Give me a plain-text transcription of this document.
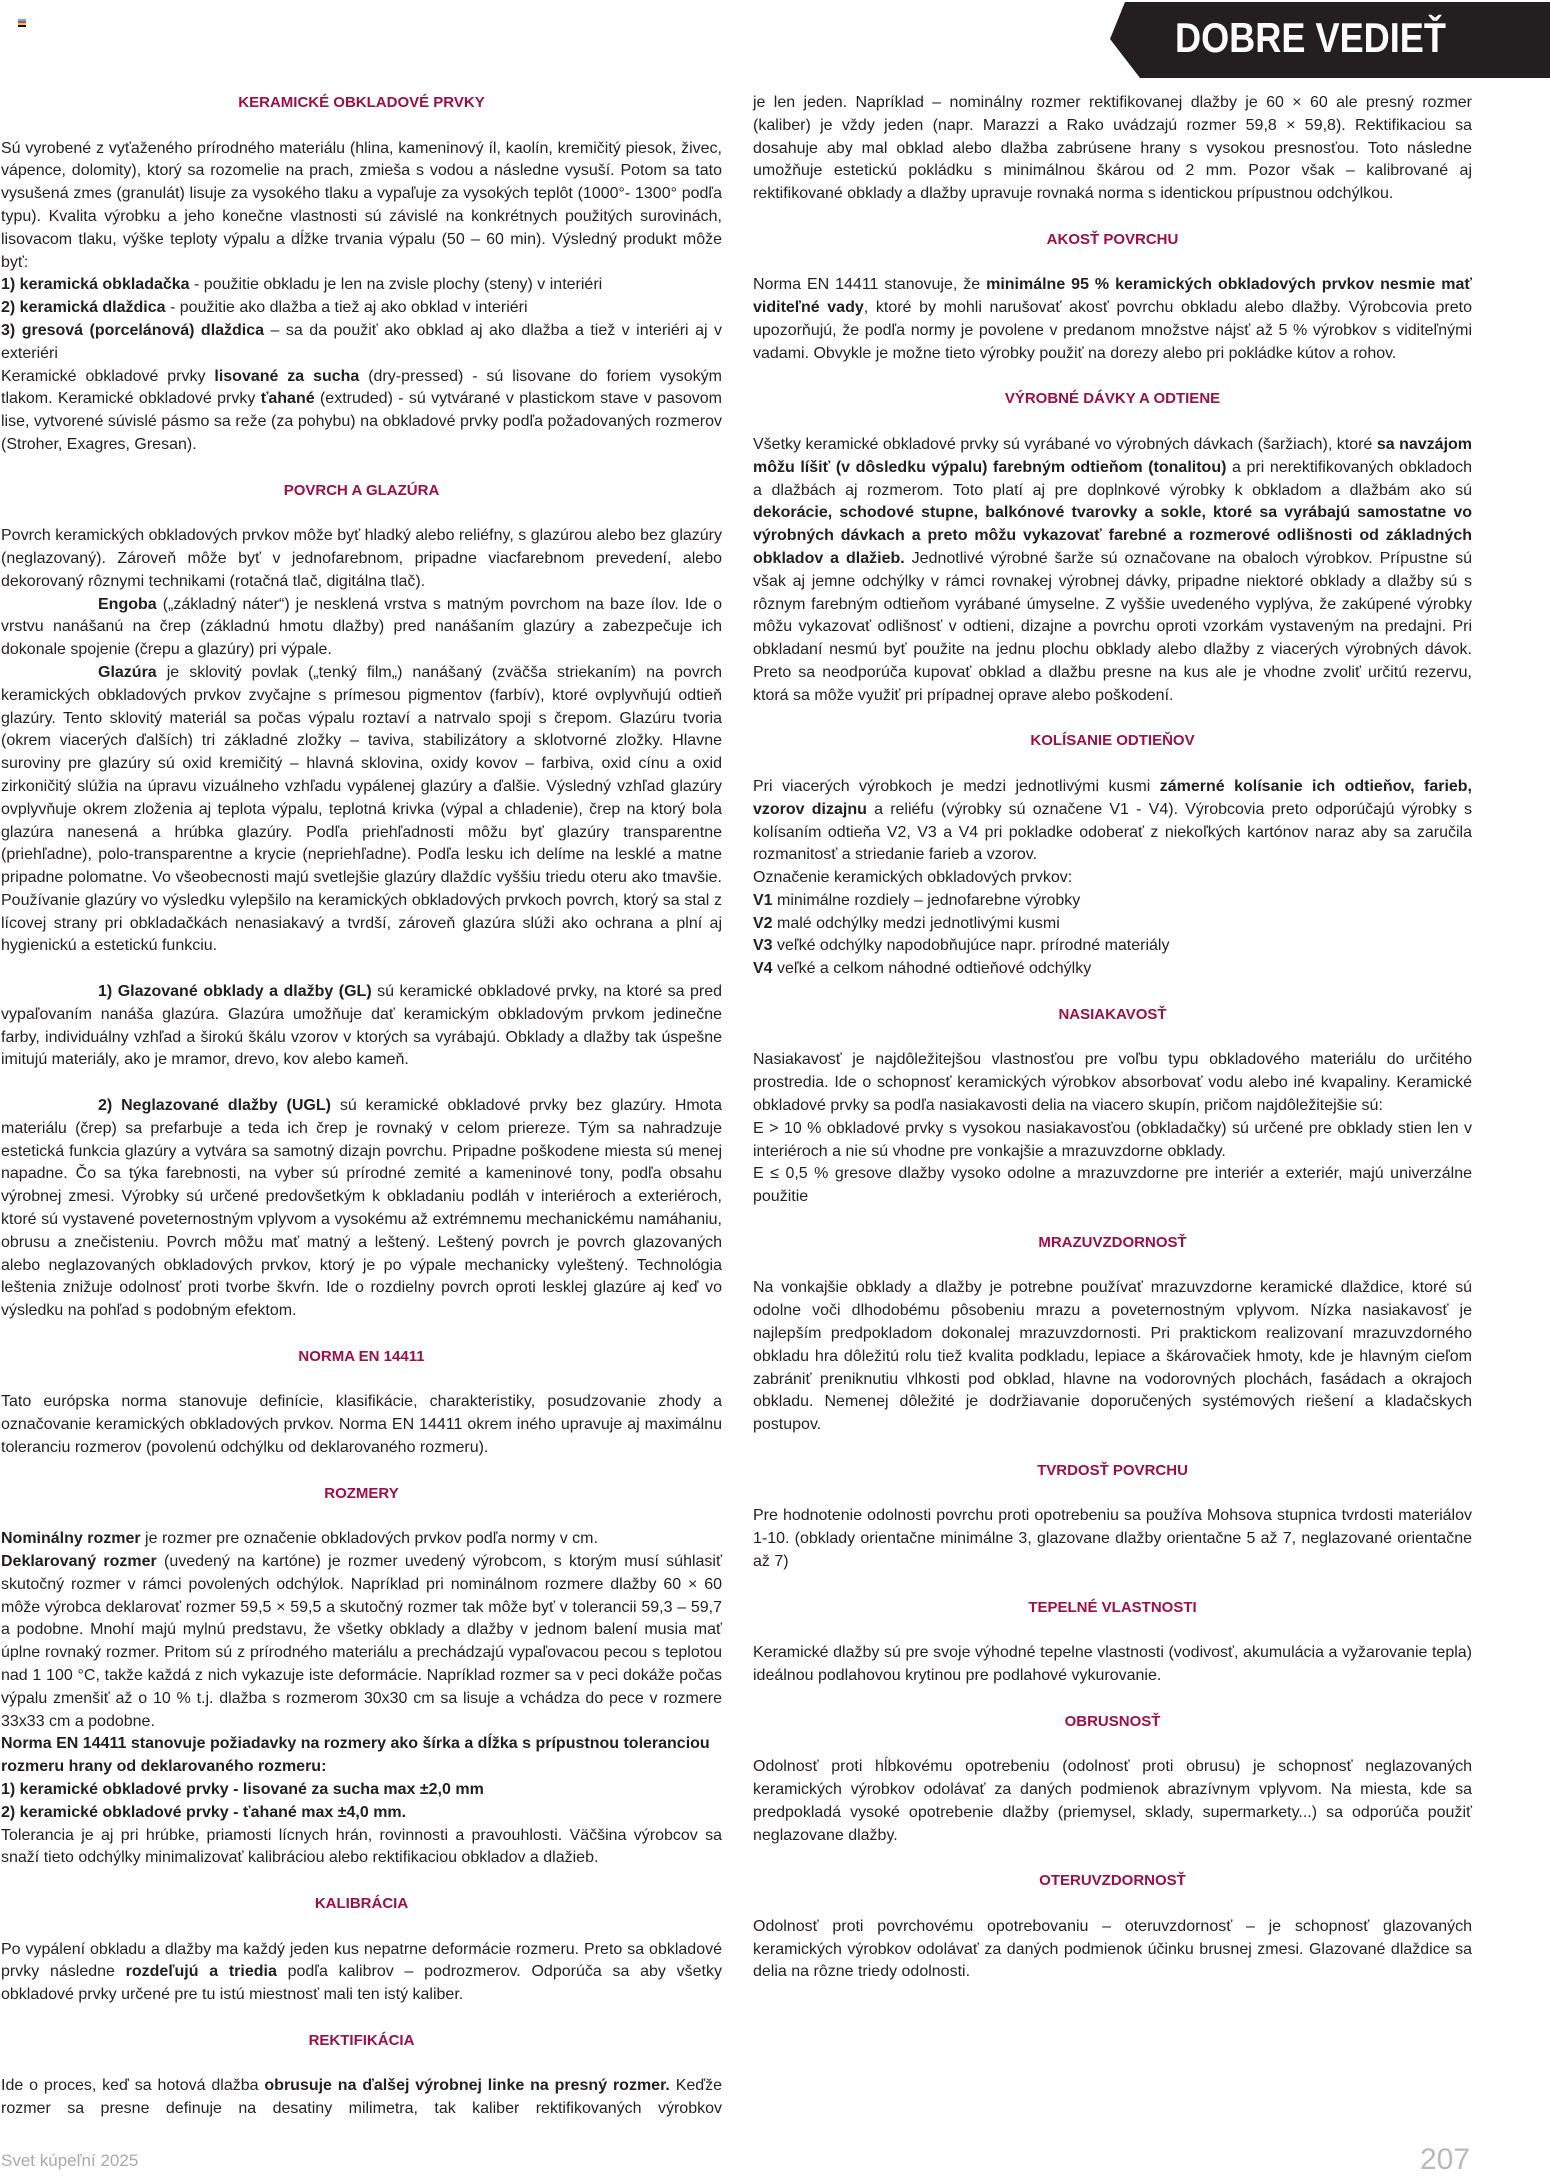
DOBRE VEDIEŤ
KERAMICKÉ OBKLADOVÉ PRVKY
Sú vyrobené z vyťaženého prírodného materiálu (hlina, kameninový íl, kaolín, kremičitý piesok, živec, vápence, dolomity), ktorý sa rozomelie na prach, zmieša s vodou a následne vysuší. Potom sa tato vysušená zmes (granulát) lisuje za vysokého tlaku a vypaľuje za vysokých teplôt (1000°- 1300° podľa typu). Kvalita výrobku a jeho konečne vlastnosti sú závislé na konkrétnych použitých surovinách, lisovacom tlaku, výške teploty výpalu a dĺžke trvania výpalu (50 – 60 min). Výsledný produkt môže byť:
1) keramická obkladačka - použitie obkladu je len na zvisle plochy (steny) v interiéri
2) keramická dlaždica - použitie ako dlažba a tiež aj ako obklad v interiéri
3) gresová (porcelánová) dlaždica – sa da použiť ako obklad aj ako dlažba a tiež v interiéri aj v exteriéri
Keramické obkladové prvky lisované za sucha (dry-pressed) - sú lisovane do foriem vysokým tlakom. Keramické obkladové prvky ťahané (extruded) - sú vytvárané v plastickom stave v pasovom lise, vytvorené súvislé pásmo sa reže (za pohybu) na obkladové prvky podľa požadovaných rozmerov (Stroher, Exagres, Gresan).
POVRCH A GLAZÚRA
Povrch keramických obkladových prvkov môže byť hladký alebo reliéfny, s glazúrou alebo bez glazúry (neglazovaný). Zároveň môže byť v jednofarebnom, pripadne viacfarebnom prevedení, alebo dekorovaný rôznymi technikami (rotačná tlač, digitálna tlač).
Engoba („základný náter“) je nesklená vrstva s matným povrchom na baze ílov. Ide o vrstvu nanášanú na črep (základnú hmotu dlažby) pred nanášaním glazúry a zabezpečuje ich dokonale spojenie (črepu a glazúry) pri výpale.
Glazúra je sklovitý povlak („tenký film„) nanášaný (zväčša striekaním) na povrch keramických obkladových prvkov zvyčajne s prímesou pigmentov (farbív), ktoré ovplyvňujú odtieň glazúry. Tento sklovitý materiál sa počas výpalu roztaví a natrvalo spoji s črepom. Glazúru tvoria (okrem viacerých ďalších) tri základné zložky – taviva, stabilizátory a sklotvorné zložky. Hlavne suroviny pre glazúry sú oxid kremičitý – hlavná sklovina, oxidy kovov – farbiva, oxid cínu a oxid zirkoničitý slúžia na úpravu vizuálneho vzhľadu vypálenej glazúry a ďalšie. Výsledný vzhľad glazúry ovplyvňuje okrem zloženia aj teplota výpalu, teplotná krivka (výpal a chladenie), črep na ktorý bola glazúra nanesená a hrúbka glazúry. Podľa priehľadnosti môžu byť glazúry transparentne (priehľadne), polo-transparentne a krycie (nepriehľadne). Podľa lesku ich delíme na lesklé a matne pripadne polomatne. Vo všeobecnosti majú svetlejšie glazúry dlaždíc vyššiu triedu oteru ako tmavšie. Používanie glazúry vo výsledku vylepšilo na keramických obkladových prvkoch povrch, ktorý sa stal z lícovej strany pri obkladačkách nenasiakavý a tvrdší, zároveň glazúra slúži ako ochrana a plní aj hygienickú a estetickú funkciu.
1) Glazované obklady a dlažby (GL) sú keramické obkladové prvky, na ktoré sa pred vypaľovaním nanáša glazúra. Glazúra umožňuje dať keramickým obkladovým prvkom jedinečne farby, individuálny vzhľad a širokú škálu vzorov v ktorých sa vyrábajú. Obklady a dlažby tak úspešne imitujú materiály, ako je mramor, drevo, kov alebo kameň.
2) Neglazované dlažby (UGL) sú keramické obkladové prvky bez glazúry. Hmota materiálu (črep) sa prefarbuje a teda ich črep je rovnaký v celom priereze. Tým sa nahradzuje estetická funkcia glazúry a vytvára sa samotný dizajn povrchu. Pripadne poškodene miesta sú menej napadne. Čo sa týka farebnosti, na vyber sú prírodné zemité a kameninové tony, podľa obsahu výrobnej zmesi. Výrobky sú určené predovšetkým k obkladaniu podláh v interiéroch a exteriéroch, ktoré sú vystavené poveternostným vplyvom a vysokému až extrémnemu mechanickému namáhaniu, obrusu a znečisteniu. Povrch môžu mať matný a leštený. Leštený povrch je povrch glazovaných alebo neglazovaných obkladových prvkov, ktorý je po výpale mechanicky vyleštený. Technológia leštenia znižuje odolnosť proti tvorbe škvŕn. Ide o rozdielny povrch oproti lesklej glazúre aj keď vo výsledku na pohľad s podobným efektom.
NORMA EN 14411
Tato európska norma stanovuje definície, klasifikácie, charakteristiky, posudzovanie zhody a označovanie keramických obkladových prvkov. Norma EN 14411 okrem iného upravuje aj maximálnu toleranciu rozmerov (povolenú odchýlku od deklarovaného rozmeru).
ROZMERY
Nominálny rozmer je rozmer pre označenie obkladových prvkov podľa normy v cm.
Deklarovaný rozmer (uvedený na kartóne) je rozmer uvedený výrobcom, s ktorým musí súhlasiť skutočný rozmer v rámci povolených odchýlok. Napríklad pri nominálnom rozmere dlažby 60 × 60 môže výrobca deklarovať rozmer 59,5 × 59,5 a skutočný rozmer tak môže byť v tolerancii 59,3 – 59,7 a podobne. Mnohí majú mylnú predstavu, že všetky obklady a dlažby v jednom balení musia mať úplne rovnaký rozmer. Pritom sú z prírodného materiálu a prechádzajú vypaľovacou pecou s teplotou nad 1 100 °C, takže každá z nich vykazuje iste deformácie. Napríklad rozmer sa v peci dokáže počas výpalu zmenšiť až o 10 % t.j. dlažba s rozmerom 30x30 cm sa lisuje a vchádza do pece v rozmere 33x33 cm a podobne.
Norma EN 14411 stanovuje požiadavky na rozmery ako šírka a dĺžka s prípustnou toleranciou rozmeru hrany od deklarovaného rozmeru:
1) keramické obkladové prvky - lisované za sucha max ±2,0 mm
2) keramické obkladové prvky - ťahané max ±4,0 mm.
Tolerancia je aj pri hrúbke, priamosti lícnych hrán, rovinnosti a pravouhlosti. Väčšina výrobcov sa snaží tieto odchýlky minimalizovať kalibráciou alebo rektifikaciou obkladov a dlažieb.
KALIBRÁCIA
Po vypálení obkladu a dlažby ma každý jeden kus nepatrne deformácie rozmeru. Preto sa obkladové prvky následne rozdeľujú a triedia podľa kalibrov – podrozmerov. Odporúča sa aby všetky obkladové prvky určené pre tu istú miestnosť mali ten istý kaliber.
REKTIFIKÁCIA
Ide o proces, keď sa hotová dlažba obrusuje na ďalšej výrobnej linke na presný rozmer. Keďže rozmer sa presne definuje na desatiny milimetra, tak kaliber rektifikovaných výrobkov
je len jeden. Napríklad – nominálny rozmer rektifikovanej dlažby je 60 × 60 ale presný rozmer (kaliber) je vždy jeden (napr. Marazzi a Rako uvádzajú rozmer 59,8 × 59,8). Rektifikaciou sa dosahuje aby mal obklad alebo dlažba zabrúsene hrany s vysokou presnosťou. Toto následne umožňuje estetickú pokládku s minimálnou škárou od 2 mm. Pozor však – kalibrované aj rektifikované obklady a dlažby upravuje rovnaká norma s identickou prípustnou odchýlkou.
AKOSŤ POVRCHU
Norma EN 14411 stanovuje, že minimálne 95 % keramických obkladových prvkov nesmie mať viditeľné vady, ktoré by mohli narušovať akosť povrchu obkladu alebo dlažby. Výrobcovia preto upozorňujú, že podľa normy je povolene v predanom množstve nájsť až 5 % výrobkov s viditeľnými vadami. Obvykle je možne tieto výrobky použiť na dorezy alebo pri pokládke kútov a rohov.
VÝROBNÉ DÁVKY A ODTIENE
Všetky keramické obkladové prvky sú vyrábané vo výrobných dávkach (šaržiach), ktoré sa navzájom môžu líšiť (v dôsledku výpalu) farebným odtieňom (tonalitou) a pri nerektifikovaných obkladoch a dlažbách aj rozmerom. Toto platí aj pre doplnkové výrobky k obkladom a dlažbám ako sú dekorácie, schodové stupne, balkónové tvarovky a sokle, ktoré sa vyrábajú samostatne vo výrobných dávkach a preto môžu vykazovať farebné a rozmerové odlišnosti od základných obkladov a dlažieb. Jednotlivé výrobné šarže sú označovane na obaloch výrobkov. Prípustne sú však aj jemne odchýlky v rámci rovnakej výrobnej dávky, pripadne niektoré obklady a dlažby sú s rôznym farebným odtieňom vyrábané úmyselne. Z vyššie uvedeného vyplýva, že zakúpené výrobky môžu vykazovať odlišnosť v odtieni, dizajne a povrchu oproti vzorkám vystaveným na predajni. Pri obkladaní nesmú byť použite na jednu plochu obklady alebo dlažby z viacerých výrobných dávok. Preto sa neodporúča kupovať obklad a dlažbu presne na kus ale je vhodne zvoliť určitú rezervu, ktorá sa môže využiť pri prípadnej oprave alebo poškodení.
KOLÍSANIE ODTIEŇOV
Pri viacerých výrobkoch je medzi jednotlivými kusmi zámerné kolísanie ich odtieňov, farieb, vzorov dizajnu a reliéfu (výrobky sú označene V1 - V4). Výrobcovia preto odporúčajú výrobky s kolísaním odtieňa V2, V3 a V4 pri pokladke odoberať z niekoľkých kartónov naraz aby sa zaručila rozmanitosť a striedanie farieb a vzorov.
Označenie keramických obkladových prvkov:
V1 minimálne rozdiely – jednofarebne výrobky
V2 malé odchýlky medzi jednotlivými kusmi
V3 veľké odchýlky napodobňujúce napr. prírodné materiály
V4 veľké a celkom náhodné odtieňové odchýlky
NASIAKAVOSŤ
Nasiakavosť je najdôležitejšou vlastnosťou pre voľbu typu obkladového materiálu do určitého prostredia. Ide o schopnosť keramických výrobkov absorbovať vodu alebo iné kvapaliny. Keramické obkladové prvky sa podľa nasiakavosti delia na viacero skupín, pričom najdôležitejšie sú:
E > 10 % obkladové prvky s vysokou nasiakavosťou (obkladačky) sú určené pre obklady stien len v interiéroch a nie sú vhodne pre vonkajšie a mrazuvzdorne obklady.
E ≤ 0,5 % gresove dlažby vysoko odolne a mrazuvzdorne pre interiér a exteriér, majú univerzálne použitie
MRAZUVZDORNOSŤ
Na vonkajšie obklady a dlažby je potrebne používať mrazuvzdorne keramické dlaždice, ktoré sú odolne voči dlhodobému pôsobeniu mrazu a poveternostným vplyvom. Nízka nasiakavosť je najlepším predpokladom dokonalej mrazuvzdornosti. Pri praktickom realizovaní mrazuvzdorného obkladu hra dôležitú rolu tiež kvalita podkladu, lepiace a škárovačiek hmoty, kde je hlavným cieľom zabrániť preniknutiu vlhkosti pod obklad, hlavne na vodorovných plochách, fasádach a okrajoch obkladu. Nemenej dôležité je dodržiavanie doporučených systémových riešení a kladačskych postupov.
TVRDOSŤ POVRCHU
Pre hodnotenie odolnosti povrchu proti opotrebeniu sa používa Mohsova stupnica tvrdosti materiálov 1-10. (obklady orientačne minimálne 3, glazovane dlažby orientačne 5 až 7, neglazované orientačne až 7)
TEPELNÉ VLASTNOSTI
Keramické dlažby sú pre svoje výhodné tepelne vlastnosti (vodivosť, akumulácia a vyžarovanie tepla) ideálnou podlahovou krytinou pre podlahové vykurovanie.
OBRUSNOSŤ
Odolnosť proti hĺbkovému opotrebeniu (odolnosť proti obrusu) je schopnosť neglazovaných keramických výrobkov odolávať za daných podmienok abrazívnym vplyvom. Na miesta, kde sa predpokladá vysoké opotrebenie dlažby (priemysel, sklady, supermarkety...) sa odporúča použiť neglazovane dlažby.
OTERUVZDORNOSŤ
Odolnosť proti povrchovému opotrebovaniu – oteruvzdornosť – je schopnosť glazovaných keramických výrobkov odolávať za daných podmienok účinku brusnej zmesi. Glazované dlaždice sa delia na rôzne triedy odolnosti.
Svet kúpeľní 2025	207
